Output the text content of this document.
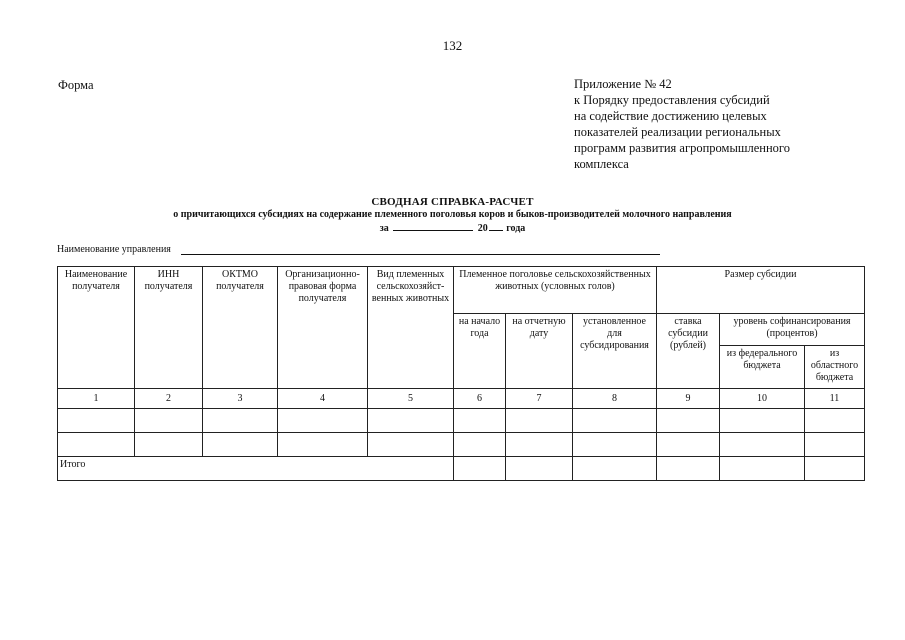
132
Форма	Приложение № 42
к Порядку предоставления субсидий
на содействие достижению целевых
показателей реализации региональных
программ развития агропромышленного
комплекса
СВОДНАЯ СПРАВКА-РАСЧЕТ
о причитающихся субсидиях на содержание племенного поголовья коров и быков-производителей молочного направления
за	20 года
Наименование управления
Наименование получателя	ИНН получателя	ОКТМО получателя	Организационно-правовая форма получателя	Вид племенных сельскохозяйст-венных животных	Племенное поголовье сельскохозяйственных животных (условных голов)			Размер субсидии		
					на начало года	на отчетную дату	установленное для субсидирования	ставка субсидии (рублей)	уровень софинансирования (процентов)	
									из федерального бюджета	из областного бюджета
1	2	3	4	5	6	7	8	9	10	11

Итого										
